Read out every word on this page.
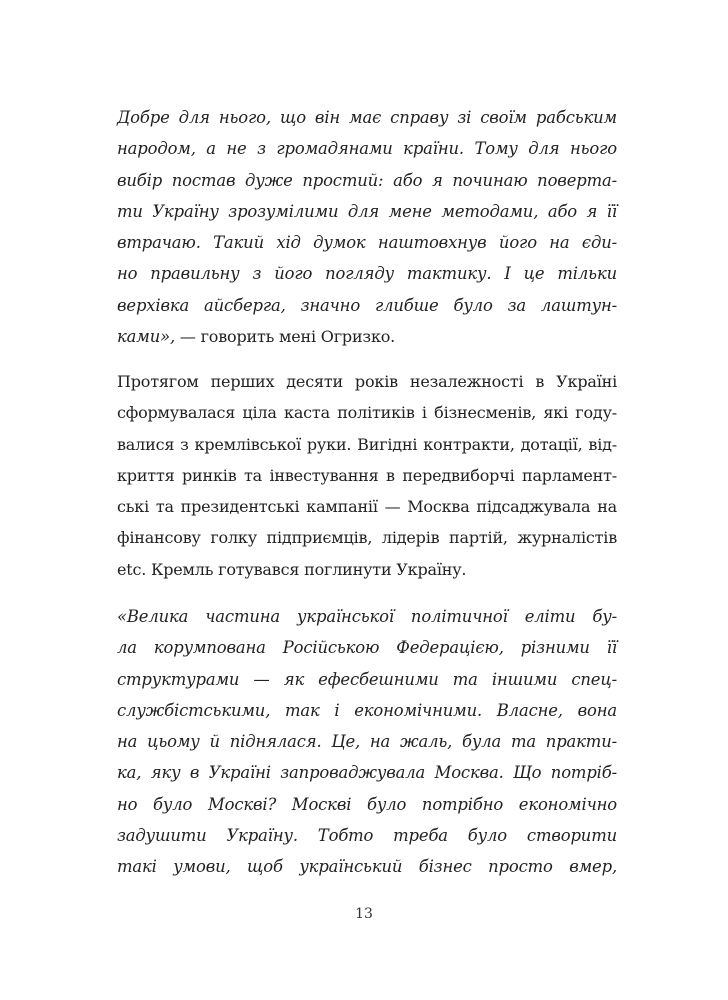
Добре для нього, що він має справу зі своїм рабським
народом, а не з громадянами країни. Тому для нього
вибір постав дуже простий: або я починаю поверта-
ти Україну зрозумілими для мене методами, або я її
втрачаю. Такий хід думок наштовхнув його на єди-
но правильну з його погляду тактику. І це тільки
верхівка айсберга, значно глибше було за лаштун-
ками», — говорить мені Огризко.
Протягом перших десяти років незалежності в Україні
сформувалася ціла каста політиків і бізнесменів, які году-
валися з кремлівської руки. Вигідні контракти, дотації, від-
криття ринків та інвестування в передвиборчі парламент-
ські та президентські кампанії — Москва підсаджувала на
фінансову голку підприємців, лідерів партій, журналістів
etc. Кремль готувався поглинути Україну.
«Велика частина української політичної еліти бу-
ла корумпована Російською Федерацією, різними її
структурами — як ефесбешними та іншими спец-
службістськими, так і економічними. Власне, вона
на цьому й піднялася. Це, на жаль, була та практи-
ка, яку в Україні запроваджувала Москва. Що потріб-
но було Москві? Москві було потрібно економічно
задушити Україну. Тобто треба було створити
такі умови, щоб український бізнес просто вмер,
13
